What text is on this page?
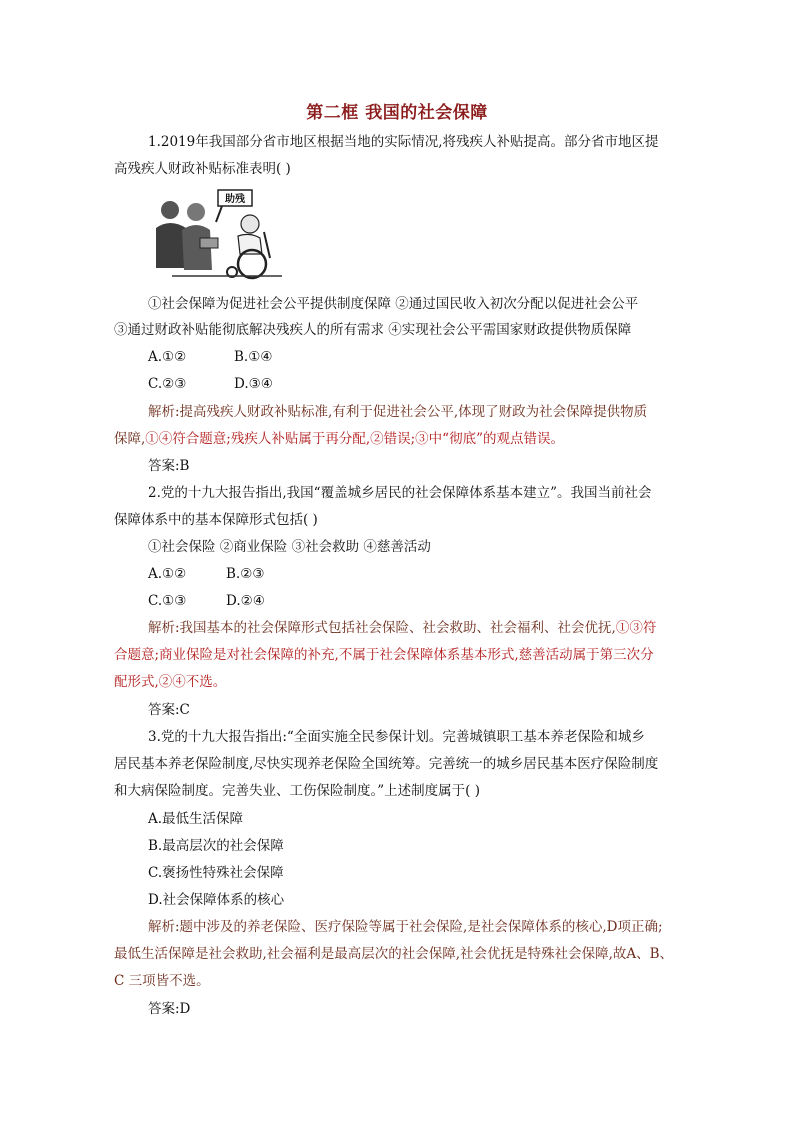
第二框 我国的社会保障
1.2019年我国部分省市地区根据当地的实际情况,将残疾人补贴提高。部分省市地区提
高残疾人财政补贴标准表明( )
助残
①社会保障为促进社会公平提供制度保障 ②通过国民收入初次分配以促进社会公平
③通过财政补贴能彻底解决残疾人的所有需求 ④实现社会公平需国家财政提供物质保障
A.①②	B.①④
C.②③	D.③④
解析:提高残疾人财政补贴标准,有利于促进社会公平,体现了财政为社会保障提供物质
保障,①④符合题意;残疾人补贴属于再分配,②错误;③中“彻底”的观点错误。
答案:B
2.党的十九大报告指出,我国“覆盖城乡居民的社会保障体系基本建立”。我国当前社会
保障体系中的基本保障形式包括( )
①社会保险 ②商业保险 ③社会救助 ④慈善活动
A.①②	B.②③
C.①③	D.②④
解析:我国基本的社会保障形式包括社会保险、社会救助、社会福利、社会优抚,①③符
合题意;商业保险是对社会保障的补充,不属于社会保障体系基本形式,慈善活动属于第三次分
配形式,②④不选。
答案:C
3.党的十九大报告指出:“全面实施全民参保计划。完善城镇职工基本养老保险和城乡
居民基本养老保险制度,尽快实现养老保险全国统筹。完善统一的城乡居民基本医疗保险制度
和大病保险制度。完善失业、工伤保险制度。”上述制度属于( )
A.最低生活保障
B.最高层次的社会保障
C.褒扬性特殊社会保障
D.社会保障体系的核心
解析:题中涉及的养老保险、医疗保险等属于社会保险,是社会保障体系的核心,D项正确;
最低生活保障是社会救助,社会福利是最高层次的社会保障,社会优抚是特殊社会保障,故A、B、
C 三项皆不选。
答案:D
